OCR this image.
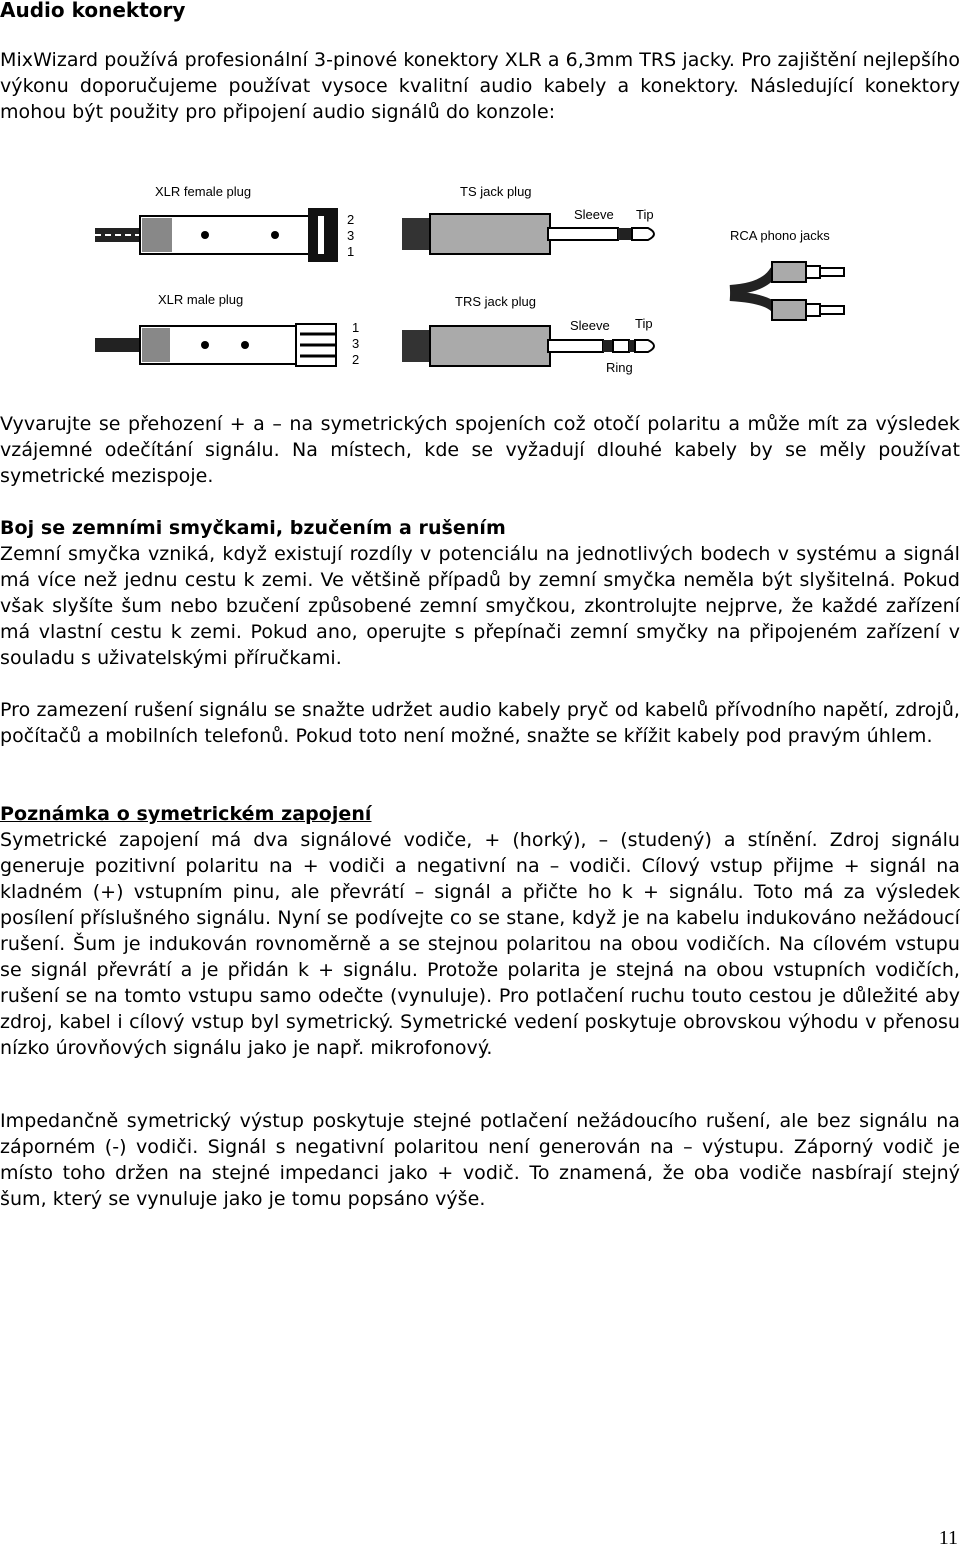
Audio konektory

MixWizard používá profesionální 3-pinové konektory XLR a 6,3mm TRS jacky. Pro zajištění nejlepšího výkonu doporučujeme používat vysoce kvalitní audio kabely a konektory. Následující konektory mohou být použity pro připojení audio signálů do konzole:

XLR female plug
2
3
1
XLR male plug
1
3
2
TS jack plug
Sleeve Tip
TRS jack plug
Sleeve Tip
Ring
RCA phono jacks

Vyvarujte se přehození + a – na symetrických spojeních což otočí polaritu a může mít za výsledek vzájemné odečítání signálu. Na místech, kde se vyžadují dlouhé kabely by se měly používat symetrické mezispoje.

Boj se zemními smyčkami, bzučením a rušením
Zemní smyčka vzniká, když existují rozdíly v potenciálu na jednotlivých bodech v systému a signál má více než jednu cestu k zemi. Ve většině případů by zemní smyčka neměla být slyšitelná. Pokud však slyšíte šum nebo bzučení způsobené zemní smyčkou, zkontrolujte nejprve, že každé zařízení má vlastní cestu k zemi. Pokud ano, operujte s přepínači zemní smyčky na připojeném zařízení v souladu s uživatelskými příručkami.

Pro zamezení rušení signálu se snažte udržet audio kabely pryč od kabelů přívodního napětí, zdrojů, počítačů a mobilních telefonů. Pokud toto není možné, snažte se křížit kabely pod pravým úhlem.

Poznámka o symetrickém zapojení
Symetrické zapojení má dva signálové vodiče, + (horký), – (studený) a stínění. Zdroj signálu generuje pozitivní polaritu na + vodiči a negativní na – vodiči. Cílový vstup přijme + signál na kladném (+) vstupním pinu, ale převrátí – signál a přičte ho k + signálu. Toto má za výsledek posílení příslušného signálu. Nyní se podívejte co se stane, když je na kabelu indukováno nežádoucí rušení. Šum je indukován rovnoměrně a se stejnou polaritou na obou vodičích. Na cílovém vstupu se signál převrátí a je přidán k + signálu. Protože polarita je stejná na obou vstupních vodičích, rušení se na tomto vstupu samo odečte (vynuluje). Pro potlačení ruchu touto cestou je důležité aby zdroj, kabel i cílový vstup byl symetrický. Symetrické vedení poskytuje obrovskou výhodu v přenosu nízko úrovňových signálu jako je např. mikrofonový.

Impedančně symetrický výstup poskytuje stejné potlačení nežádoucího rušení, ale bez signálu na záporném (-) vodiči. Signál s negativní polaritou není generován na – výstupu. Záporný vodič je místo toho držen na stejné impedanci jako + vodič. To znamená, že oba vodiče nasbírají stejný šum, který se vynuluje jako je tomu popsáno výše.

11
